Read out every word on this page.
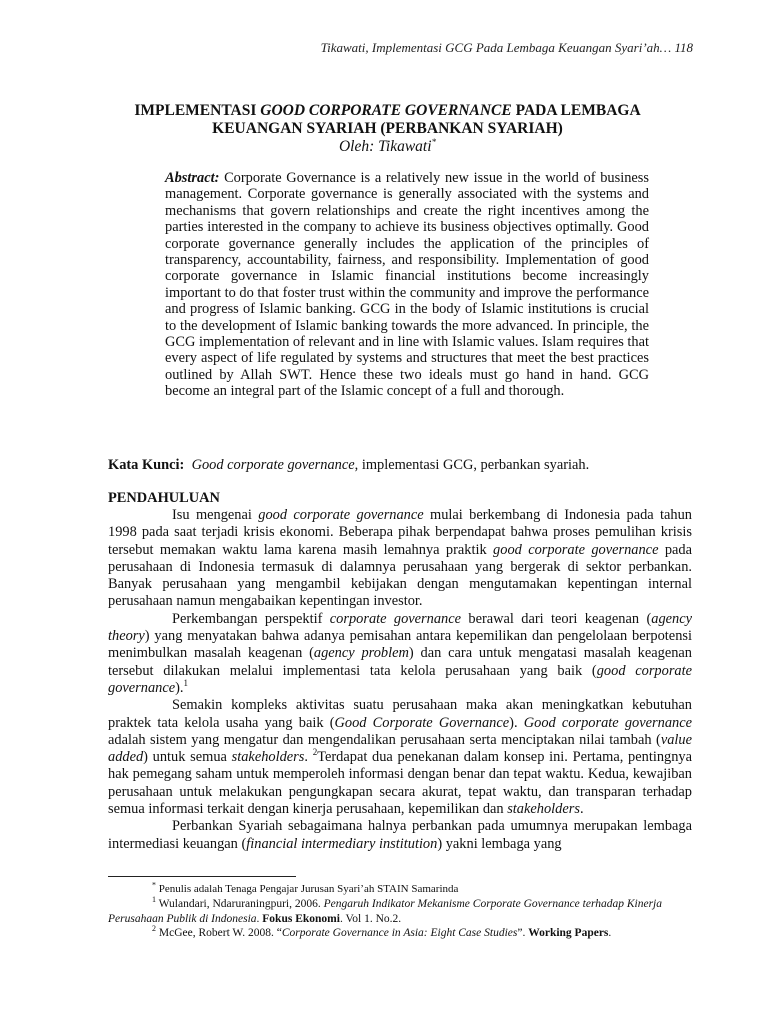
Tikawati, Implementasi GCG Pada Lembaga Keuangan Syari’ah… 118
IMPLEMENTASI GOOD CORPORATE GOVERNANCE PADA LEMBAGA KEUANGAN SYARIAH (PERBANKAN SYARIAH)
Oleh: Tikawati*
Abstract: Corporate Governance is a relatively new issue in the world of business management. Corporate governance is generally associated with the systems and mechanisms that govern relationships and create the right incentives among the parties interested in the company to achieve its business objectives optimally. Good corporate governance generally includes the application of the principles of transparency, accountability, fairness, and responsibility. Implementation of good corporate governance in Islamic financial institutions become increasingly important to do that foster trust within the community and improve the performance and progress of Islamic banking. GCG in the body of Islamic institutions is crucial to the development of Islamic banking towards the more advanced. In principle, the GCG implementation of relevant and in line with Islamic values. Islam requires that every aspect of life regulated by systems and structures that meet the best practices outlined by Allah SWT. Hence these two ideals must go hand in hand. GCG become an integral part of the Islamic concept of a full and thorough.
Kata Kunci: Good corporate governance, implementasi GCG, perbankan syariah.
PENDAHULUAN

Isu mengenai good corporate governance mulai berkembang di Indonesia pada tahun 1998 pada saat terjadi krisis ekonomi. Beberapa pihak berpendapat bahwa proses pemulihan krisis tersebut memakan waktu lama karena masih lemahnya praktik good corporate governance pada perusahaan di Indonesia termasuk di dalamnya perusahaan yang bergerak di sektor perbankan. Banyak perusahaan yang mengambil kebijakan dengan mengutamakan kepentingan internal perusahaan namun mengabaikan kepentingan investor.

Perkembangan perspektif corporate governance berawal dari teori keagenan (agency theory) yang menyatakan bahwa adanya pemisahan antara kepemilikan dan pengelolaan berpotensi menimbulkan masalah keagenan (agency problem) dan cara untuk mengatasi masalah keagenan tersebut dilakukan melalui implementasi tata kelola perusahaan yang baik (good corporate governance).$^1$

Semakin kompleks aktivitas suatu perusahaan maka akan meningkatkan kebutuhan praktek tata kelola usaha yang baik (Good Corporate Governance). Good corporate governance adalah sistem yang mengatur dan mengendalikan perusahaan serta menciptakan nilai tambah (value added) untuk semua stakeholders. $^2$Terdapat dua penekanan dalam konsep ini. Pertama, pentingnya hak pemegang saham untuk memperoleh informasi dengan benar dan tepat waktu. Kedua, kewajiban perusahaan untuk melakukan pengungkapan secara akurat, tepat waktu, dan transparan terhadap semua informasi terkait dengan kinerja perusahaan, kepemilikan dan stakeholders.

Perbankan Syariah sebagaimana halnya perbankan pada umumnya merupakan lembaga intermediasi keuangan (financial intermediary institution) yakni lembaga yang

* Penulis adalah Tenaga Pengajar Jurusan Syari’ah STAIN Samarinda

$^1$ Wulandari, Ndaruraningpuri, 2006. Pengaruh Indikator Mekanisme Corporate Governance terhadap Kinerja Perusahaan Publik di Indonesia. Fokus Ekonomi. Vol 1. No.2.

$^2$ McGee, Robert W. 2008. “Corporate Governance in Asia: Eight Case Studies”. Working Papers.
